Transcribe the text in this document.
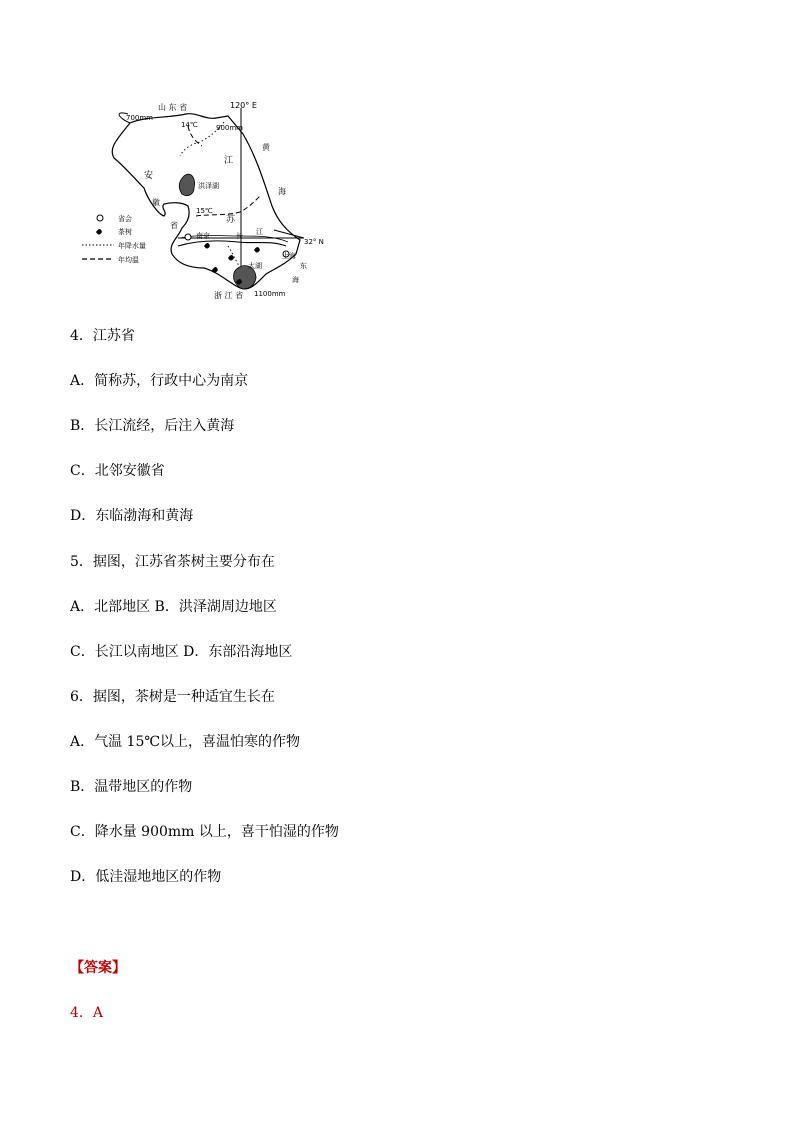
山 东 省	120° E
700mm
14℃	900mm
黄
江
安
洪泽湖
海
徽
15℃
苏
省
南京	长 江
32° N
上海
太湖	东
海
浙 江 省 1100mm
省会
茶树
年降水量
年均温
4．江苏省
A．简称苏，行政中心为南京
B．长江流经，后注入黄海
C．北邻安徽省
D．东临渤海和黄海
5．据图，江苏省茶树主要分布在
A．北部地区 B．洪泽湖周边地区
C．长江以南地区 D．东部沿海地区
6．据图，茶树是一种适宜生长在
A．气温 15℃以上，喜温怕寒的作物
B．温带地区的作物
C．降水量 900mm 以上，喜干怕湿的作物
D．低洼湿地地区的作物
【答案】
4．A
